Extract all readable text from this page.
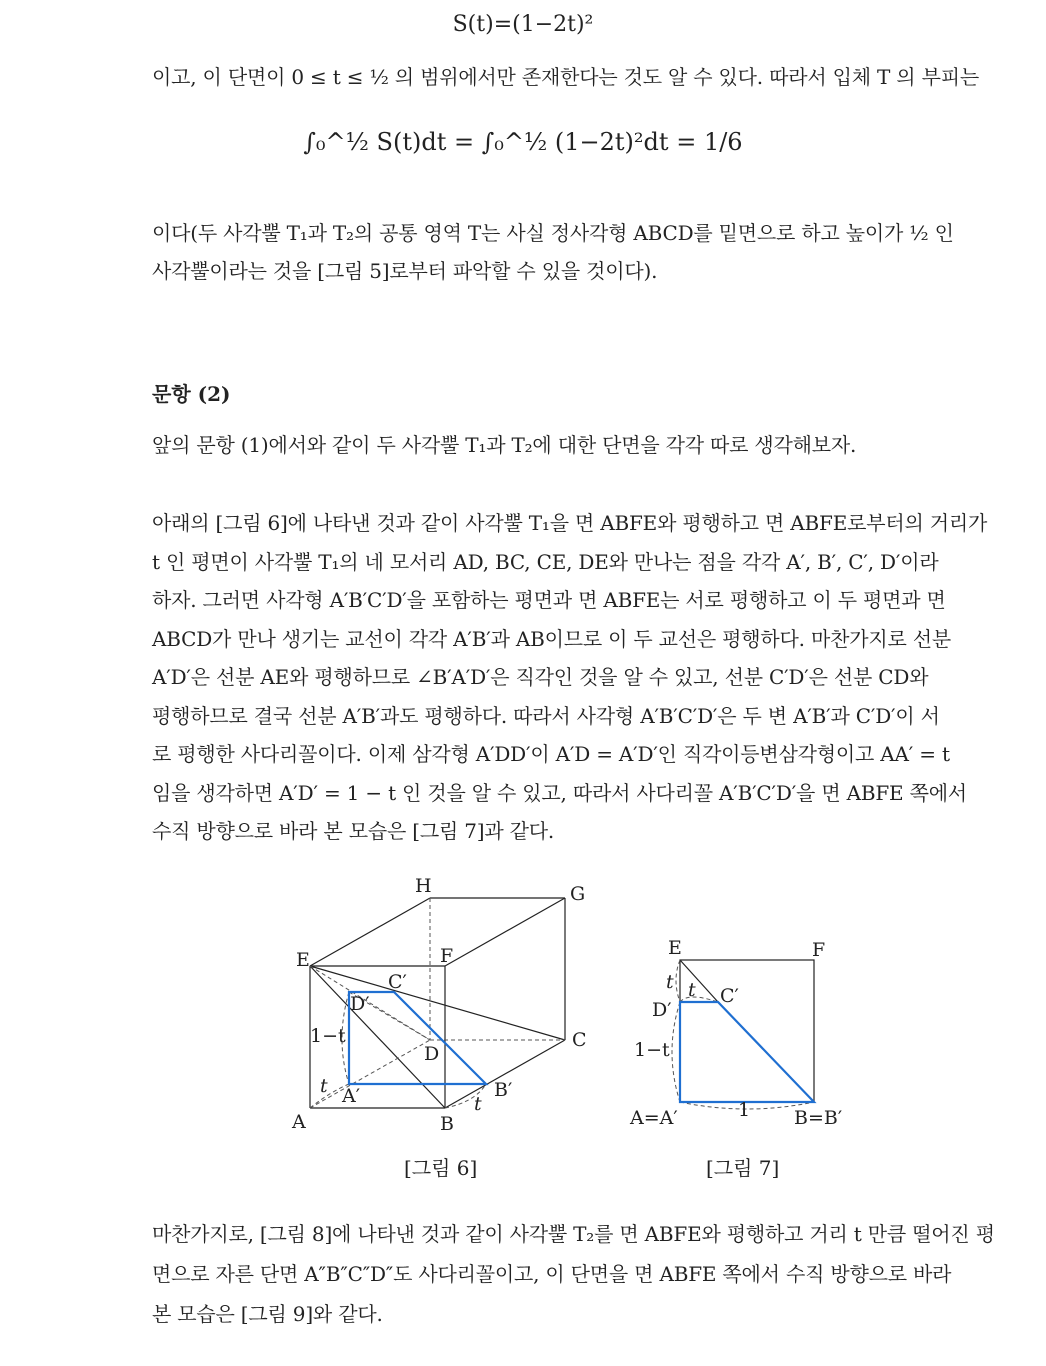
S(t)=(1−2t)²

이고, 이 단면이 0 ≤ t ≤ ½ 의 범위에서만 존재한다는 것도 알 수 있다. 따라서 입체 T 의 부피는

∫₀^½ S(t)dt = ∫₀^½ (1−2t)²dt = 1/6

이다(두 사각뿔 T₁과 T₂의 공통 영역 T는 사실 정사각형 ABCD를 밑면으로 하고 높이가 ½ 인

사각뿔이라는 것을 [그림 5]로부터 파악할 수 있을 것이다).

문항 (2)

앞의 문항 (1)에서와 같이 두 사각뿔 T₁과 T₂에 대한 단면을 각각 따로 생각해보자.

아래의 [그림 6]에 나타낸 것과 같이 사각뿔 T₁을 면 ABFE와 평행하고 면 ABFE로부터의 거리가

t 인 평면이 사각뿔 T₁의 네 모서리 AD, BC, CE, DE와 만나는 점을 각각 A′, B′, C′, D′이라

하자. 그러면 사각형 A′B′C′D′을 포함하는 평면과 면 ABFE는 서로 평행하고 이 두 평면과 면

ABCD가 만나 생기는 교선이 각각 A′B′과 AB이므로 이 두 교선은 평행하다. 마찬가지로 선분

A′D′은 선분 AE와 평행하므로 ∠B′A′D′은 직각인 것을 알 수 있고, 선분 C′D′은 선분 CD와

평행하므로 결국 선분 A′B′과도 평행하다. 따라서 사각형 A′B′C′D′은 두 변 A′B′과 C′D′이 서

로 평행한 사다리꼴이다. 이제 삼각형 A′DD′이 A′D = A′D′인 직각이등변삼각형이고 AA′ = t

임을 생각하면 A′D′ = 1 − t 인 것을 알 수 있고, 따라서 사다리꼴 A′B′C′D′을 면 ABFE 쪽에서

수직 방향으로 바라 본 모습은 [그림 7]과 같다.

H	G
E	F
C′
D′
D
C
1−t
t A′	B′
t
A	B
[그림 6]
E	F
t t C′
D′
1−t
A=A′	1 B=B′
[그림 7]

마찬가지로, [그림 8]에 나타낸 것과 같이 사각뿔 T₂를 면 ABFE와 평행하고 거리 t 만큼 떨어진 평

면으로 자른 단면 A″B″C″D″도 사다리꼴이고, 이 단면을 면 ABFE 쪽에서 수직 방향으로 바라

본 모습은 [그림 9]와 같다.
